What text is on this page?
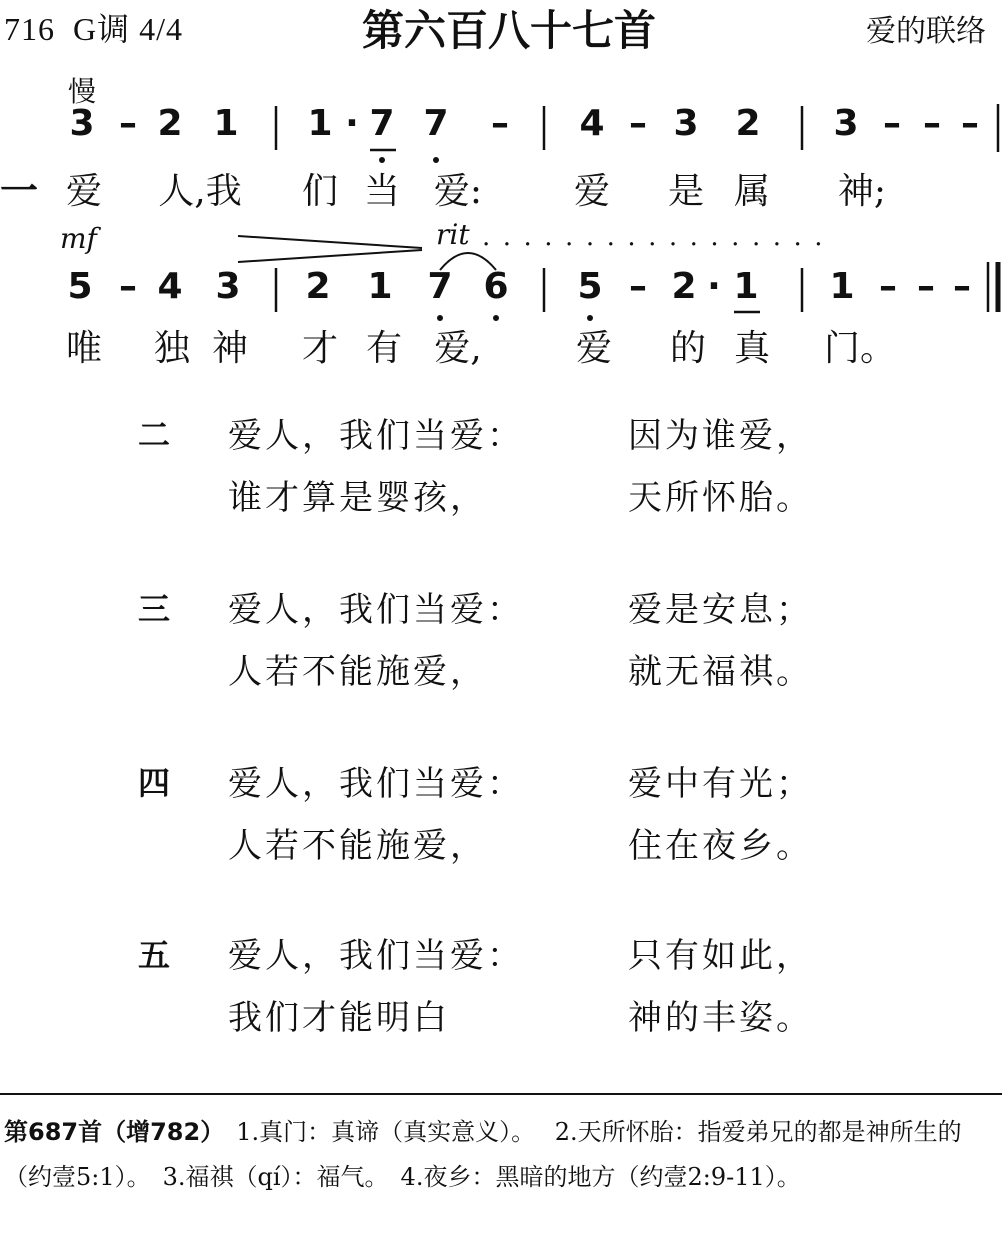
716 G调 4/4	第六百八十七首	爱的联络
慢
3 – 2 1 1 · 7 7 – 4 – 3 2 3 – – –
一 爱 人,我 们 当 爱:	爱 是 属 神;
mf	rit .................
5 – 4 3 2 1 7 6 5 – 2 · 1 1 – – –
唯 独 神 才 有 爱,	爱 的 真 门。
二 爱人，我们当爱：	因为谁爱，
谁才算是婴孩，	天所怀胎。
三 爱人，我们当爱：	爱是安息；
人若不能施爱，	就无福祺。
四 爱人，我们当爱：	爱中有光；
人若不能施爱，	住在夜乡。
五 爱人，我们当爱：	只有如此，
我们才能明白	神的丰姿。
第687首（增782）　1.真门：真谛（真实意义）。　 2.天所怀胎：指爱弟兄的都是神所生的（约壹5:1）。　3.福祺（qí）：福气。　4.夜乡：黑暗的地方（约壹2:9-11）。
